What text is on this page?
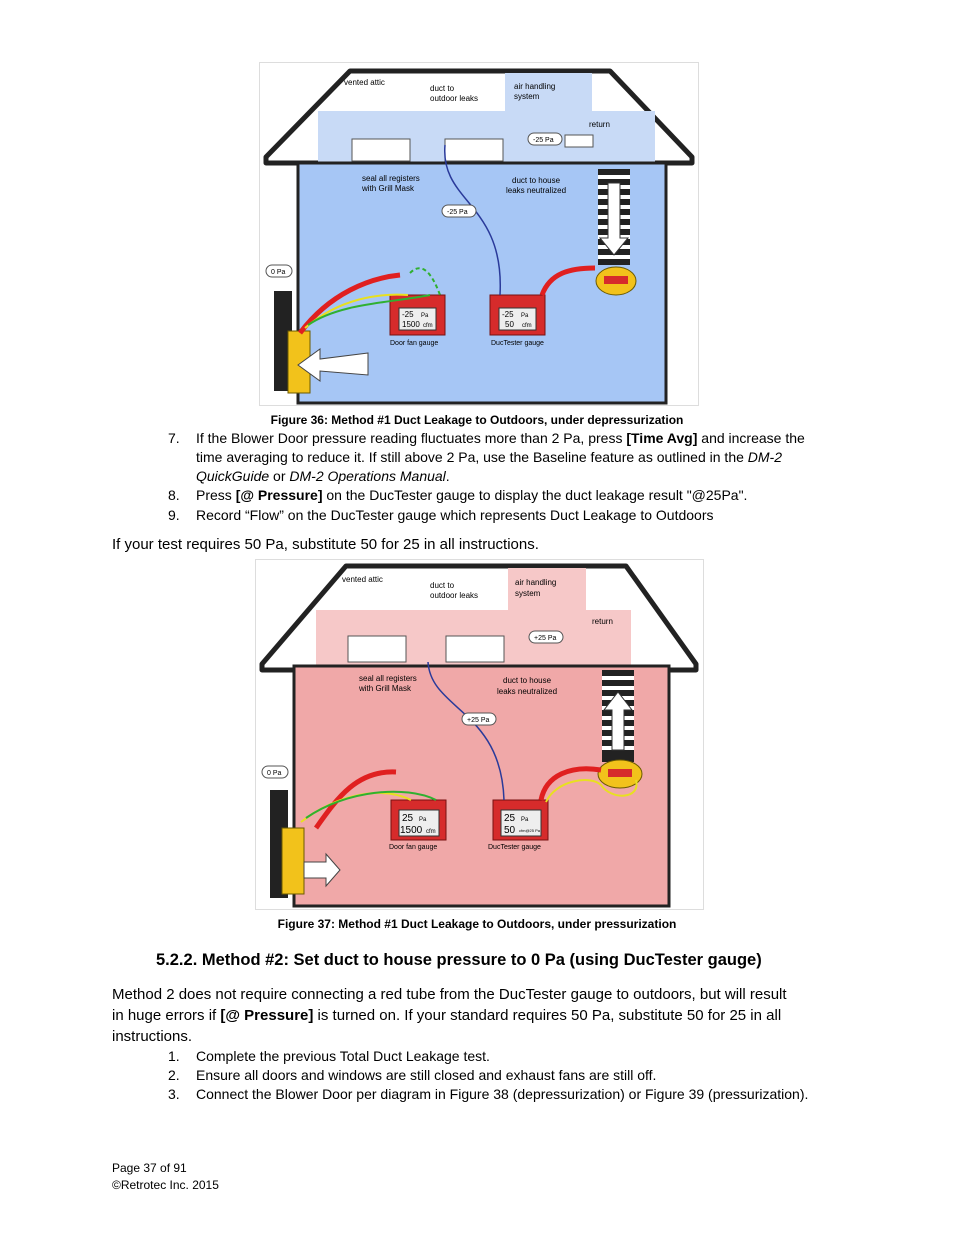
-25 Pa
1500 cfm
Door fan gauge
-25 Pa
50 cfm
DucTester gauge
vented attic
duct to
outdoor leaks
air handling
system
return
-25 Pa
-25 Pa
seal all registers
with Grill Mask
duct to house
leaks neutralized
0 Pa
Figure 36: Method #1 Duct Leakage to Outdoors, under depressurization
7.	If the Blower Door pressure reading fluctuates more than 2 Pa, press [Time Avg] and increase the
time averaging to reduce it. If still above 2 Pa, use the Baseline feature as outlined in the DM-2
QuickGuide or DM-2 Operations Manual.
8.	Press [@ Pressure] on the DucTester gauge to display the duct leakage result "@25Pa".
9.	Record “Flow” on the DucTester gauge which represents Duct Leakage to Outdoors
If your test requires 50 Pa, substitute 50 for 25 in all instructions.
25 Pa
1500 cfm
Door fan gauge
25 Pa
50 cfm@25 Pa
DucTester gauge
vented attic
duct to
outdoor leaks
air handling
system
return
+25 Pa
+25 Pa
seal all registers
with Grill Mask
duct to house
leaks neutralized
0 Pa
Figure 37: Method #1 Duct Leakage to Outdoors, under pressurization
5.2.2. Method #2: Set duct to house pressure to 0 Pa (using DucTester gauge)
Method 2 does not require connecting a red tube from the DucTester gauge to outdoors, but will result
in huge errors if [@ Pressure] is turned on. If your standard requires 50 Pa, substitute 50 for 25 in all
instructions.
1.	Complete the previous Total Duct Leakage test.
2.	Ensure all doors and windows are still closed and exhaust fans are still off.
3.	Connect the Blower Door per diagram in Figure 38 (depressurization) or Figure 39 (pressurization).
Page 37 of 91
©Retrotec Inc. 2015
